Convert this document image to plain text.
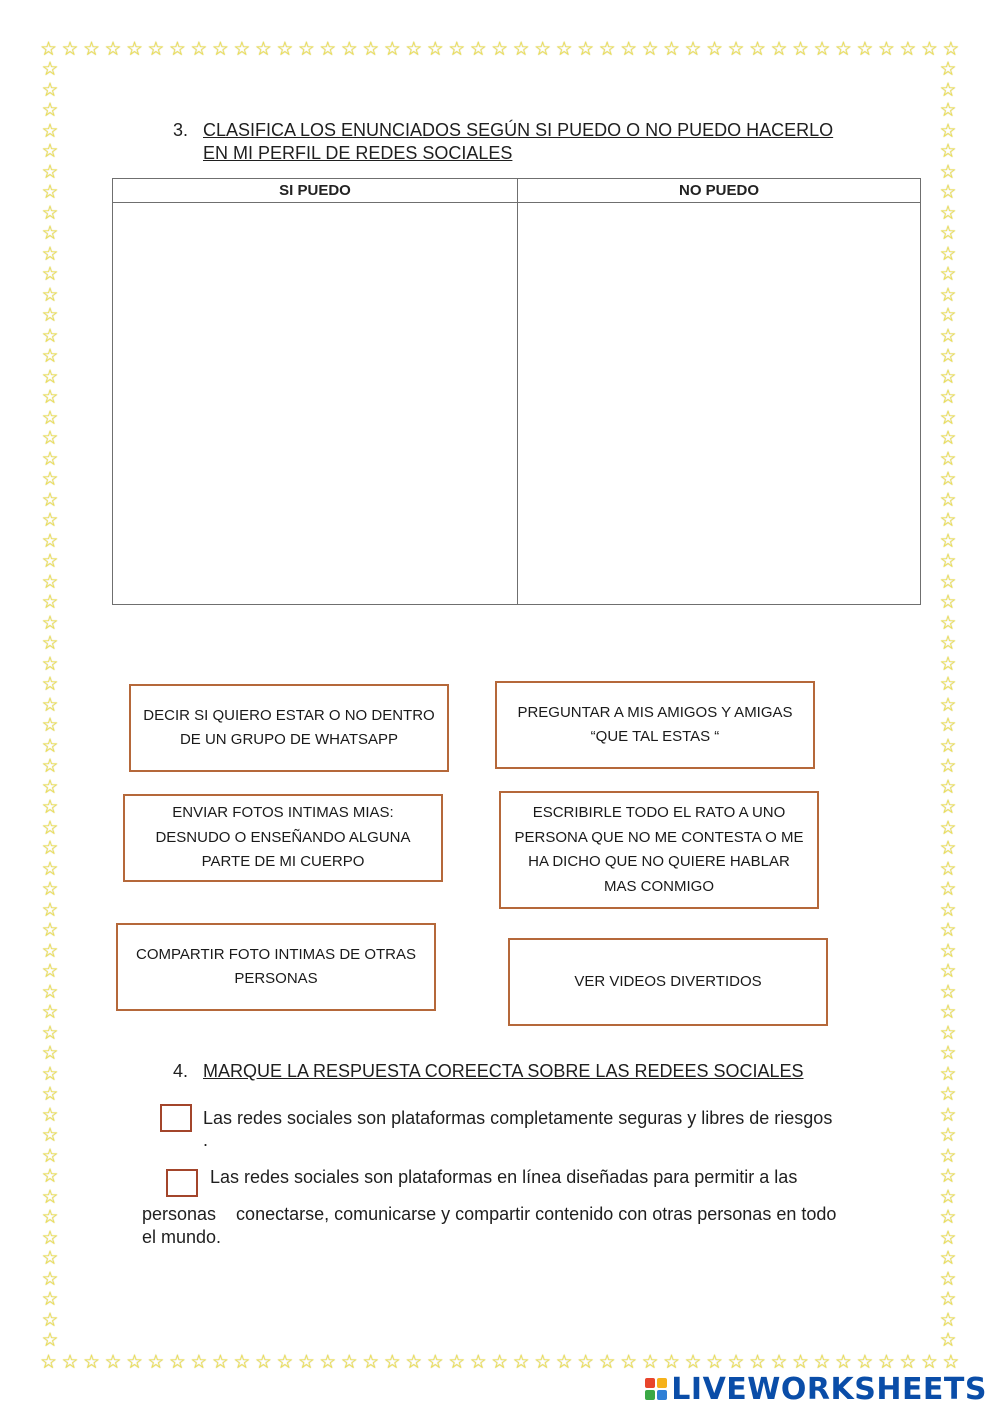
☆ ☆ ☆ ☆ ☆ ☆ ☆ ☆ ☆ ☆ ☆ ☆ ☆ ☆ ☆ ☆ ☆ ☆ ☆ ☆ ☆ ☆ ☆ ☆ ☆ ☆ ☆ ☆ ☆ ☆ ☆ ☆ ☆ ☆ ☆ ☆ ☆ ☆ ☆ ☆ ☆ ☆ ☆
☆ ☆ ☆ ☆ ☆ ☆ ☆ ☆ ☆ ☆ ☆ ☆ ☆ ☆ ☆ ☆ ☆ ☆ ☆ ☆ ☆ ☆ ☆ ☆ ☆ ☆ ☆ ☆ ☆ ☆ ☆ ☆ ☆ ☆ ☆ ☆ ☆ ☆ ☆ ☆ ☆ ☆ ☆
☆
☆
☆
☆
☆
☆
☆
☆
☆
☆
☆
☆
☆
☆
☆
☆
☆
☆
☆
☆
☆
☆
☆
☆
☆
☆
☆
☆
☆
☆
☆
☆
☆
☆
☆
☆
☆
☆
☆
☆
☆
☆
☆
☆
☆
☆
☆
☆
☆
☆
☆
☆
☆
☆
☆
☆
☆
☆
☆
☆
☆
☆
☆
☆
☆
☆
☆
☆
☆
☆
☆
☆
☆
☆
☆
☆
☆
☆
☆
☆
☆
☆
☆
☆
☆
☆
☆
☆
☆
☆
☆
☆
☆
☆
☆
☆
☆
☆
☆
☆
☆
☆
☆
☆
☆
☆
☆
☆
☆
☆
☆
☆
☆
☆
☆
☆
☆
☆
☆
☆
☆
☆
☆
☆
☆
☆
3. CLASIFICA LOS ENUNCIADOS SEGÚN SI PUEDO O NO PUEDO HACERLO
EN MI PERFIL DE REDES SOCIALES
SI PUEDO	NO PUEDO
DECIR SI QUIERO ESTAR O NO DENTRO DE UN GRUPO DE WHATSAPP
PREGUNTAR A MIS AMIGOS Y AMIGAS “QUE TAL ESTAS “
ENVIAR FOTOS INTIMAS MIAS: DESNUDO O ENSEÑANDO ALGUNA PARTE DE MI CUERPO
ESCRIBIRLE TODO EL RATO A UNO PERSONA QUE NO ME CONTESTA O ME HA DICHO QUE NO QUIERE HABLAR MAS CONMIGO
COMPARTIR FOTO INTIMAS DE OTRAS PERSONAS	VER VIDEOS DIVERTIDOS
4. MARQUE LA RESPUESTA COREECTA SOBRE LAS REDEES SOCIALES
Las redes sociales son plataformas completamente seguras y libres de riesgos
.
Las redes sociales son plataformas en línea diseñadas para permitir a las
personas    conectarse, comunicarse y compartir contenido con otras personas en todo
el mundo.
LIVEWORKSHEETS
